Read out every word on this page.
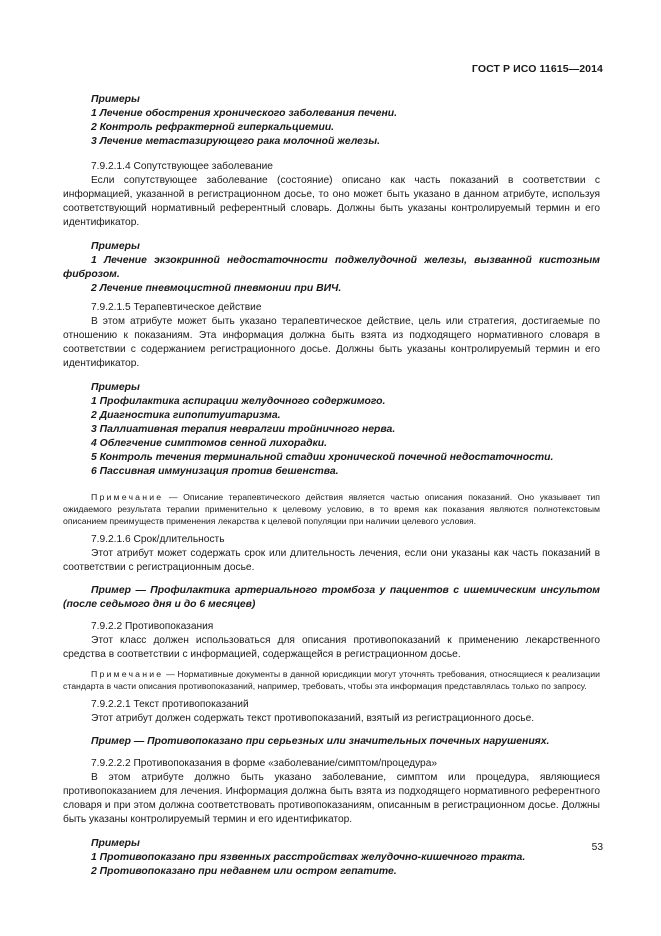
ГОСТ Р ИСО 11615—2014

Примеры

1 Лечение обострения хронического заболевания печени.

2 Контроль рефрактерной гиперкальциемии.

3 Лечение метастазирующего рака молочной железы.

7.9.2.1.4 Сопутствующее заболевание

Если сопутствующее заболевание (состояние) описано как часть показаний в соответствии с информацией, указанной в регистрационном досье, то оно может быть указано в данном атрибуте, используя соответствующий нормативный референтный словарь. Должны быть указаны контролируемый термин и его идентификатор.

Примеры

1 Лечение экзокринной недостаточности поджелудочной железы, вызванной кистозным фиброзом.

2 Лечение пневмоцистной пневмонии при ВИЧ.

7.9.2.1.5 Терапевтическое действие

В этом атрибуте может быть указано терапевтическое действие, цель или стратегия, достигаемые по отношению к показаниям. Эта информация должна быть взята из подходящего нормативного словаря в соответствии с содержанием регистрационного досье. Должны быть указаны контролируемый термин и его идентификатор.

Примеры

1 Профилактика аспирации желудочного содержимого.

2 Диагностика гипопитуитаризма.

3 Паллиативная терапия невралгии тройничного нерва.

4 Облегчение симптомов сенной лихорадки.

5 Контроль течения терминальной стадии хронической почечной недостаточности.

6 Пассивная иммунизация против бешенства.

Примечание — Описание терапевтического действия является частью описания показаний. Оно указывает тип ожидаемого результата терапии применительно к целевому условию, в то время как показания являются полнотекстовым описанием преимуществ применения лекарства к целевой популяции при наличии целевого условия.

7.9.2.1.6 Срок/длительность

Этот атрибут может содержать срок или длительность лечения, если они указаны как часть показаний в соответствии с регистрационным досье.

Пример — Профилактика артериального тромбоза у пациентов с ишемическим инсультом (после седьмого дня и до 6 месяцев)

7.9.2.2 Противопоказания

Этот класс должен использоваться для описания противопоказаний к применению лекарственного средства в соответствии с информацией, содержащейся в регистрационном досье.

Примечание — Нормативные документы в данной юрисдикции могут уточнять требования, относящиеся к реализации стандарта в части описания противопоказаний, например, требовать, чтобы эта информация представлялась только по запросу.

7.9.2.2.1 Текст противопоказаний

Этот атрибут должен содержать текст противопоказаний, взятый из регистрационного досье.

Пример — Противопоказано при серьезных или значительных почечных нарушениях.

7.9.2.2.2 Противопоказания в форме «заболевание/симптом/процедура»

В этом атрибуте должно быть указано заболевание, симптом или процедура, являющиеся противопоказанием для лечения. Информация должна быть взята из подходящего нормативного референтного словаря и при этом должна соответствовать противопоказаниям, описанным в регистрационном досье. Должны быть указаны контролируемый термин и его идентификатор.

Примеры

1 Противопоказано при язвенных расстройствах желудочно-кишечного тракта.

2 Противопоказано при недавнем или остром гепатите.

53
